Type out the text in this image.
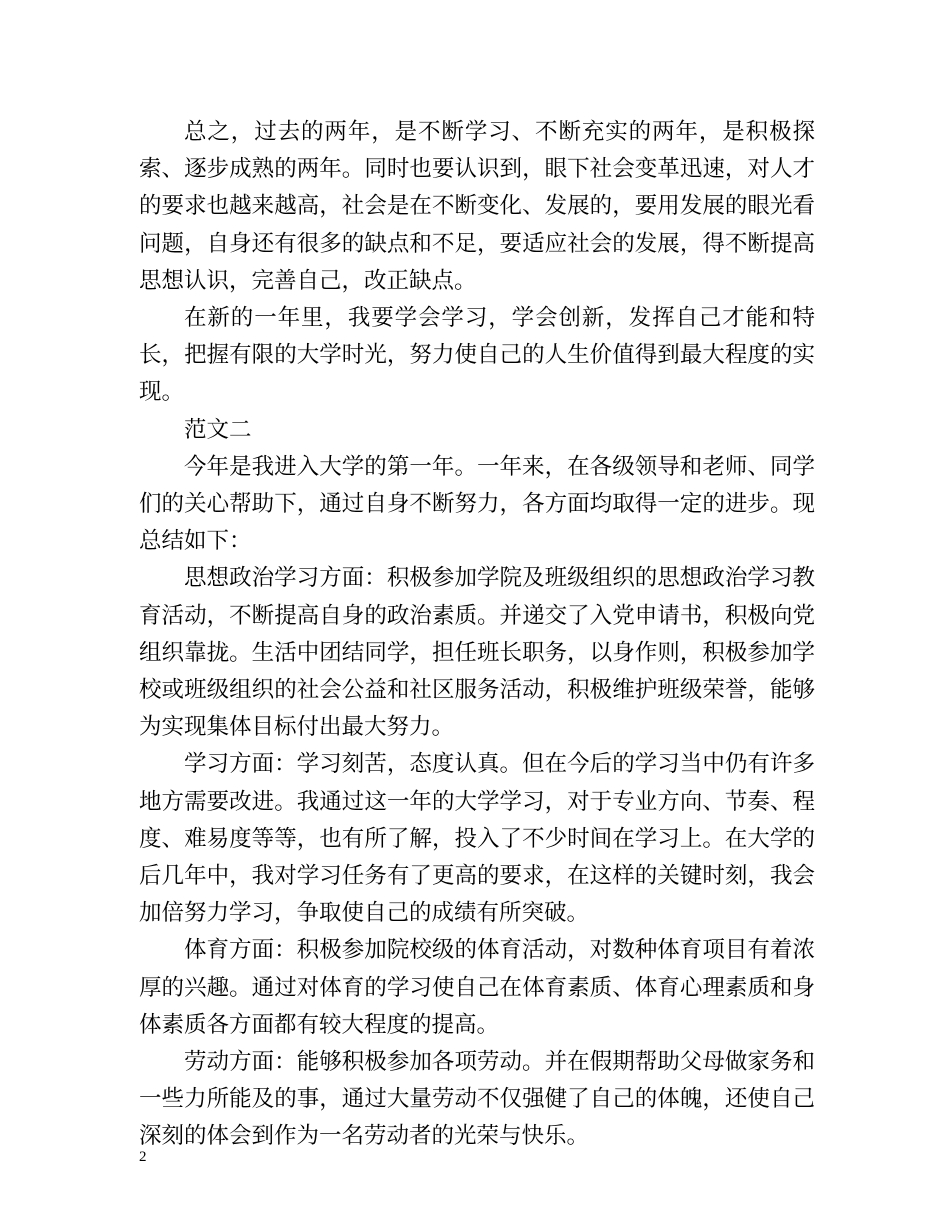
总之，过去的两年，是不断学习、不断充实的两年，是积极探索、逐步成熟的两年。同时也要认识到，眼下社会变革迅速，对人才的要求也越来越高，社会是在不断变化、发展的，要用发展的眼光看问题，自身还有很多的缺点和不足，要适应社会的发展，得不断提高思想认识，完善自己，改正缺点。

在新的一年里，我要学会学习，学会创新，发挥自己才能和特长，把握有限的大学时光，努力使自己的人生价值得到最大程度的实现。

范文二

今年是我进入大学的第一年。一年来，在各级领导和老师、同学们的关心帮助下，通过自身不断努力，各方面均取得一定的进步。现总结如下：

思想政治学习方面：积极参加学院及班级组织的思想政治学习教育活动，不断提高自身的政治素质。并递交了入党申请书，积极向党组织靠拢。生活中团结同学，担任班长职务，以身作则，积极参加学校或班级组织的社会公益和社区服务活动，积极维护班级荣誉，能够为实现集体目标付出最大努力。

学习方面：学习刻苦，态度认真。但在今后的学习当中仍有许多地方需要改进。我通过这一年的大学学习，对于专业方向、节奏、程度、难易度等等，也有所了解，投入了不少时间在学习上。在大学的后几年中，我对学习任务有了更高的要求，在这样的关键时刻，我会加倍努力学习，争取使自己的成绩有所突破。

体育方面：积极参加院校级的体育活动，对数种体育项目有着浓厚的兴趣。通过对体育的学习使自己在体育素质、体育心理素质和身体素质各方面都有较大程度的提高。

劳动方面：能够积极参加各项劳动。并在假期帮助父母做家务和一些力所能及的事，通过大量劳动不仅强健了自己的体魄，还使自己深刻的体会到作为一名劳动者的光荣与快乐。

2
